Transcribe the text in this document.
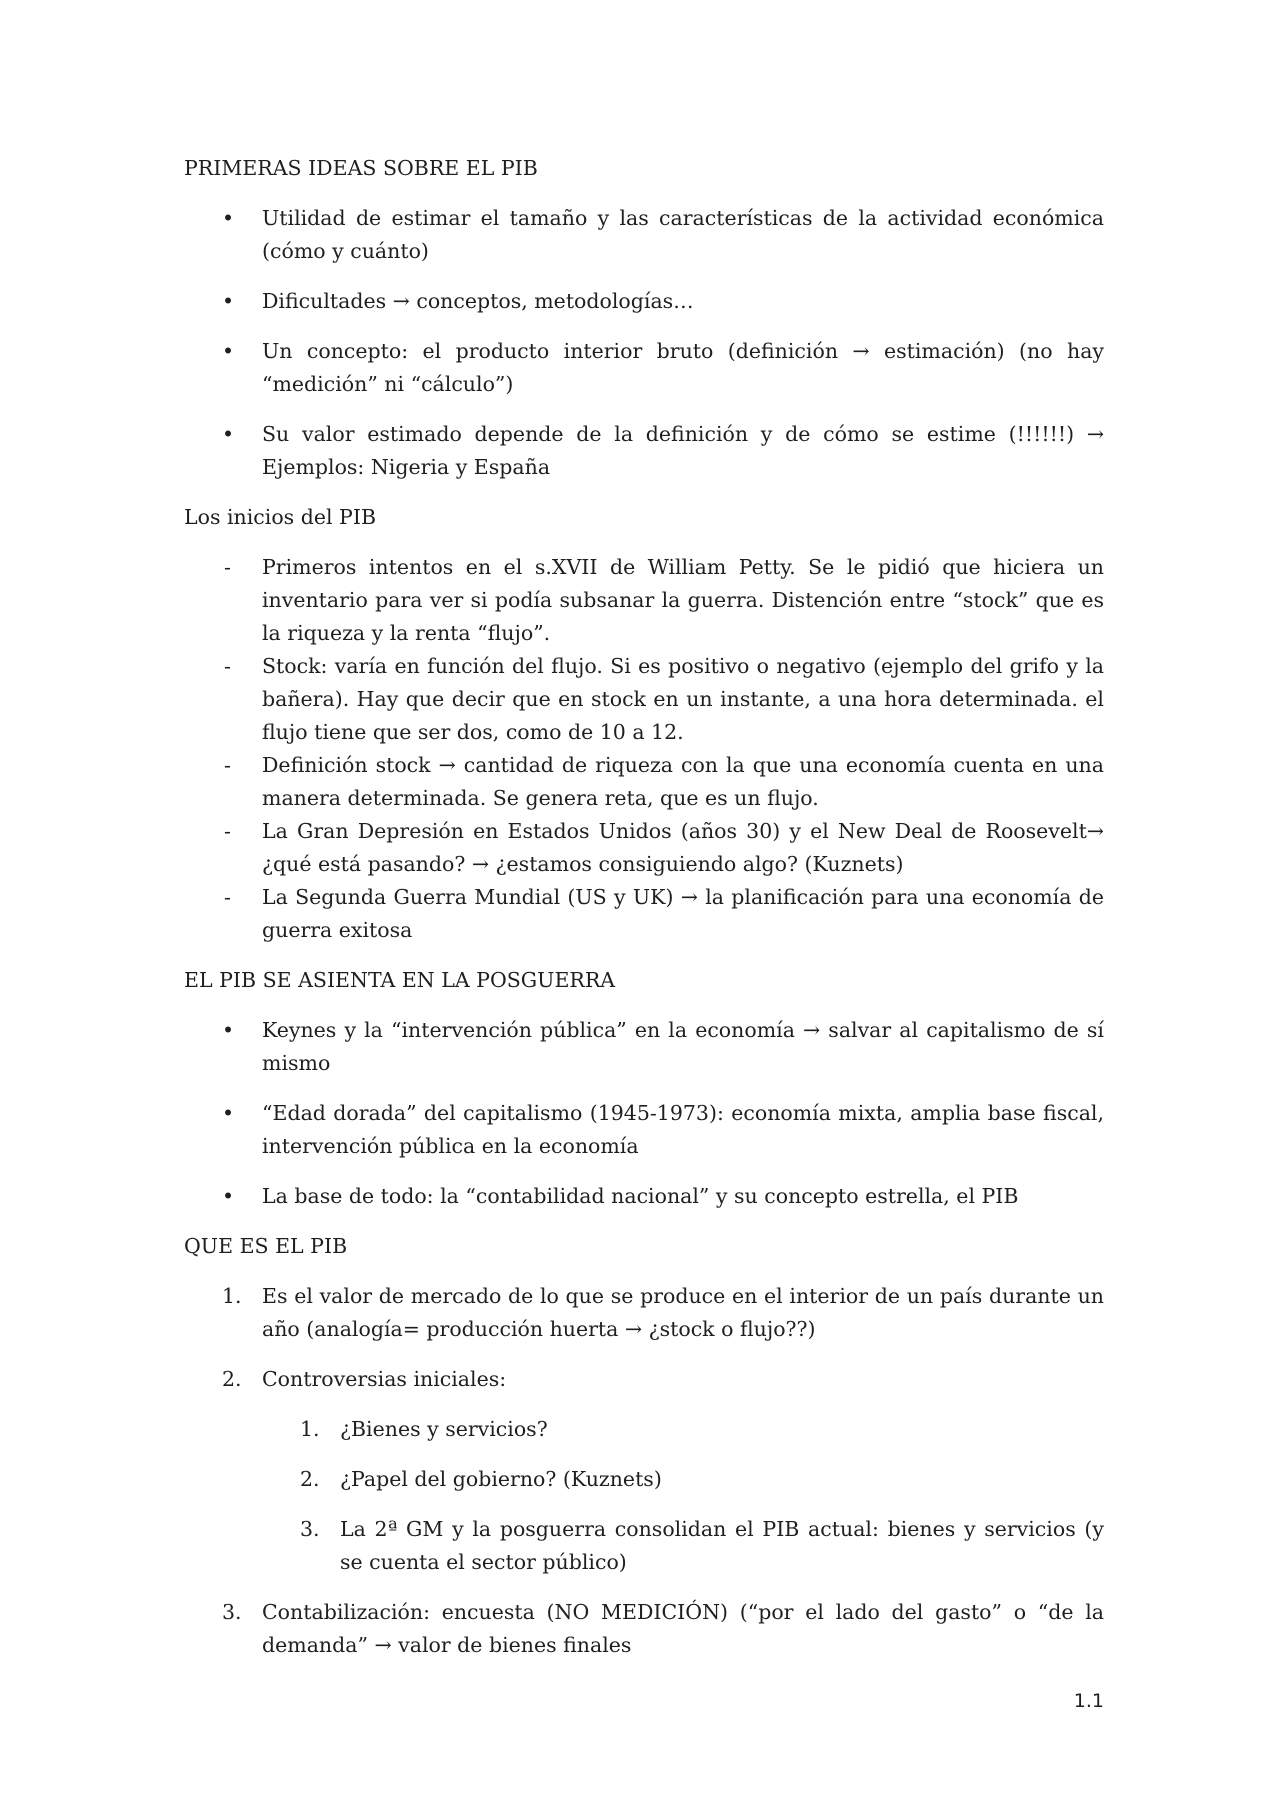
PRIMERAS IDEAS SOBRE EL PIB
• Utilidad de estimar el tamaño y las características de la actividad económica (cómo y cuánto)
• Dificultades → conceptos, metodologías…
• Un concepto: el producto interior bruto (definición → estimación) (no hay “medición” ni “cálculo”)
• Su valor estimado depende de la definición y de cómo se estime (!!!!!!) → Ejemplos: Nigeria y España
Los inicios del PIB
- Primeros intentos en el s.XVII de William Petty. Se le pidió que hiciera un inventario para ver si podía subsanar la guerra. Distención entre “stock” que es la riqueza y la renta “flujo”.
- Stock: varía en función del flujo. Si es positivo o negativo (ejemplo del grifo y la bañera). Hay que decir que en stock en un instante, a una hora determinada. el flujo tiene que ser dos, como de 10 a 12.
- Definición stock → cantidad de riqueza con la que una economía cuenta en una manera determinada. Se genera reta, que es un flujo.
- La Gran Depresión en Estados Unidos (años 30) y el New Deal de Roosevelt→ ¿qué está pasando? → ¿estamos consiguiendo algo? (Kuznets)
- La Segunda Guerra Mundial (US y UK) → la planificación para una economía de guerra exitosa
EL PIB SE ASIENTA EN LA POSGUERRA
• Keynes y la “intervención pública” en la economía → salvar al capitalismo de sí mismo
• “Edad dorada” del capitalismo (1945-1973): economía mixta, amplia base fiscal, intervención pública en la economía
• La base de todo: la “contabilidad nacional” y su concepto estrella, el PIB
QUE ES EL PIB
1. Es el valor de mercado de lo que se produce en el interior de un país durante un año (analogía= producción huerta → ¿stock o flujo??)
2. Controversias iniciales:
1. ¿Bienes y servicios?
2. ¿Papel del gobierno? (Kuznets)
3. La 2ª GM y la posguerra consolidan el PIB actual: bienes y servicios (y se cuenta el sector público)
3. Contabilización: encuesta (NO MEDICIÓN) (“por el lado del gasto” o “de la demanda” → valor de bienes finales
1.1
